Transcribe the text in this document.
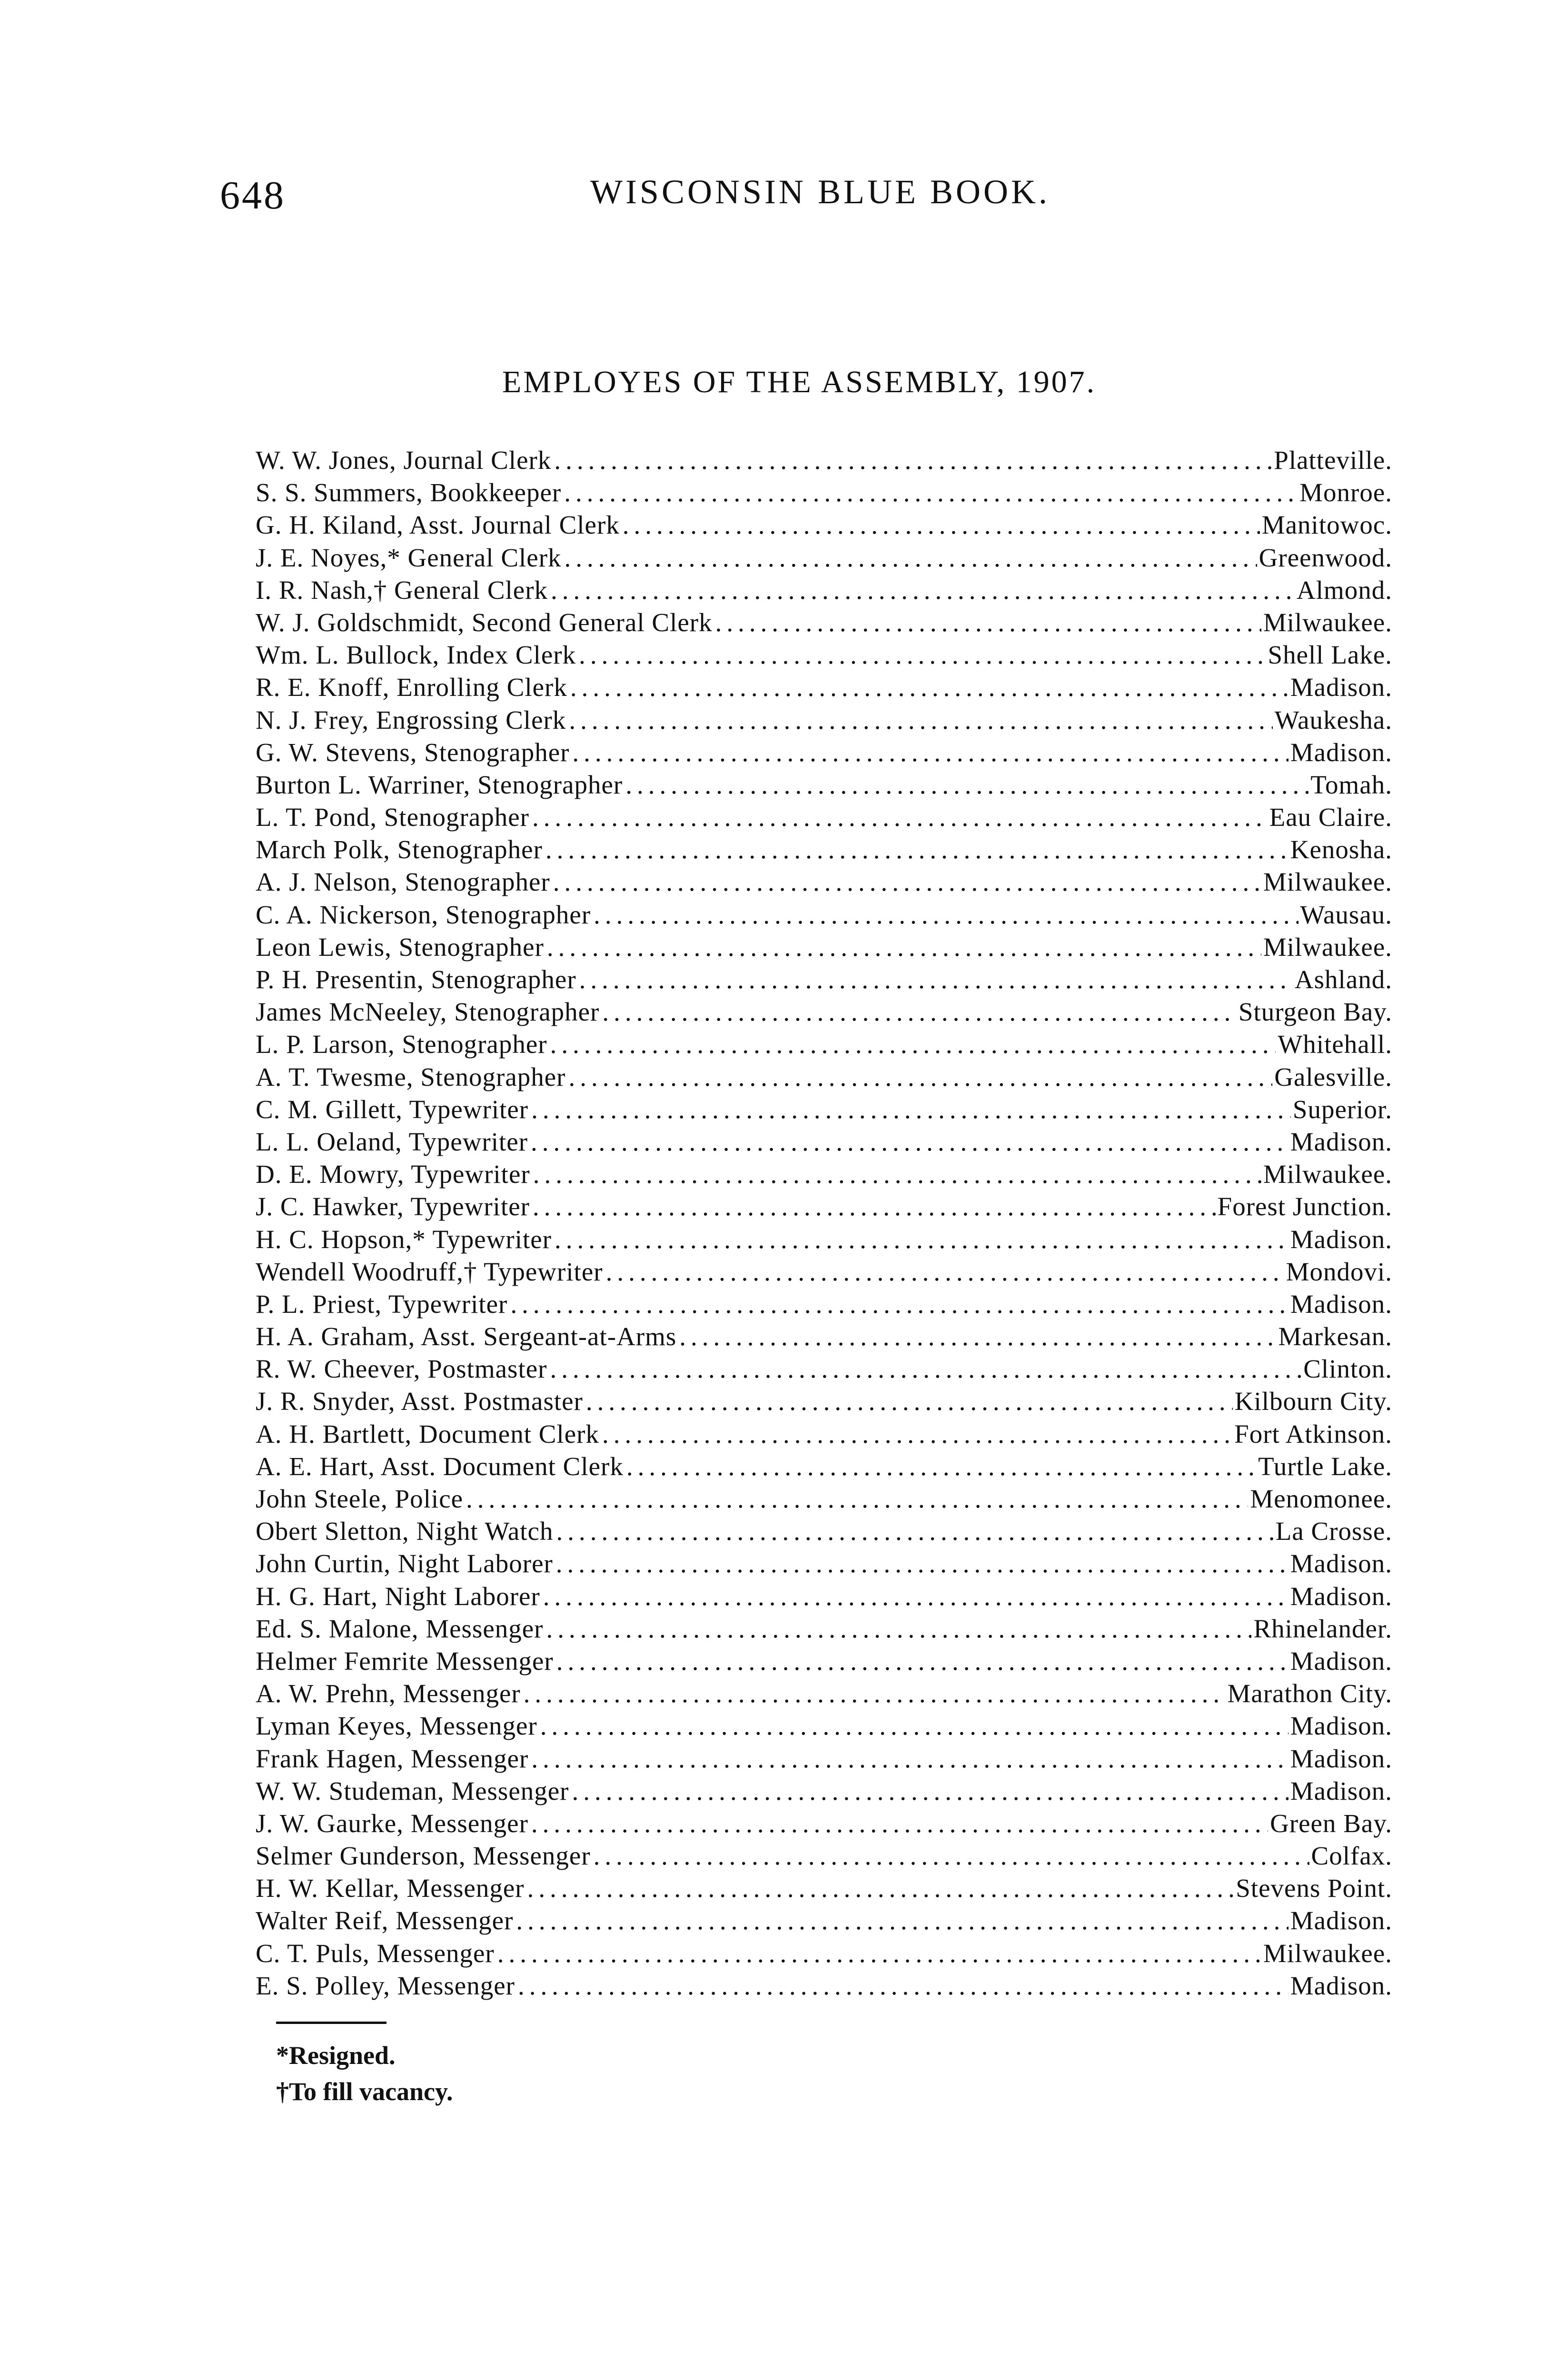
648	WISCONSIN BLUE BOOK.
EMPLOYES OF THE ASSEMBLY, 1907.
W. W. Jones, Journal Clerk .....	Platteville.
S. S. Summers, Bookkeeper .....	Monroe.
G. H. Kiland, Asst. Journal Clerk .....	Manitowoc.
J. E. Noyes,* General Clerk .....	Greenwood.
I. R. Nash,† General Clerk .....	Almond.
W. J. Goldschmidt, Second General Clerk .....	Milwaukee.
Wm. L. Bullock, Index Clerk .....	Shell Lake.
R. E. Knoff, Enrolling Clerk .....	Madison.
N. J. Frey, Engrossing Clerk .....	Waukesha.
G. W. Stevens, Stenographer .....	Madison.
Burton L. Warriner, Stenographer .....	Tomah.
L. T. Pond, Stenographer .....	Eau Claire.
March Polk, Stenographer .....	Kenosha.
A. J. Nelson, Stenographer .....	Milwaukee.
C. A. Nickerson, Stenographer .....	Wausau.
Leon Lewis, Stenographer .....	Milwaukee.
P. H. Presentin, Stenographer .....	Ashland.
James McNeeley, Stenographer .....	Sturgeon Bay.
L. P. Larson, Stenographer .....	Whitehall.
A. T. Twesme, Stenographer .....	Galesville.
C. M. Gillett, Typewriter .....	Superior.
L. L. Oeland, Typewriter .....	Madison.
D. E. Mowry, Typewriter .....	Milwaukee.
J. C. Hawker, Typewriter .....	Forest Junction.
H. C. Hopson,* Typewriter .....	Madison.
Wendell Woodruff,† Typewriter .....	Mondovi.
P. L. Priest, Typewriter .....	Madison.
H. A. Graham, Asst. Sergeant-at-Arms .....	Markesan.
R. W. Cheever, Postmaster .....	Clinton.
J. R. Snyder, Asst. Postmaster .....	Kilbourn City.
A. H. Bartlett, Document Clerk .....	Fort Atkinson.
A. E. Hart, Asst. Document Clerk .....	Turtle Lake.
John Steele, Police .....	Menomonee.
Obert Sletton, Night Watch .....	La Crosse.
John Curtin, Night Laborer .....	Madison.
H. G. Hart, Night Laborer .....	Madison.
Ed. S. Malone, Messenger .....	Rhinelander.
Helmer Femrite Messenger .....	Madison.
A. W. Prehn, Messenger .....	Marathon City.
Lyman Keyes, Messenger .....	Madison.
Frank Hagen, Messenger .....	Madison.
W. W. Studeman, Messenger .....	Madison.
J. W. Gaurke, Messenger .....	Green Bay.
Selmer Gunderson, Messenger .....	Colfax.
H. W. Kellar, Messenger .....	Stevens Point.
Walter Reif, Messenger .....	Madison.
C. T. Puls, Messenger .....	Milwaukee.
E. S. Polley, Messenger .....	Madison.
*Resigned.
†To fill vacancy.
